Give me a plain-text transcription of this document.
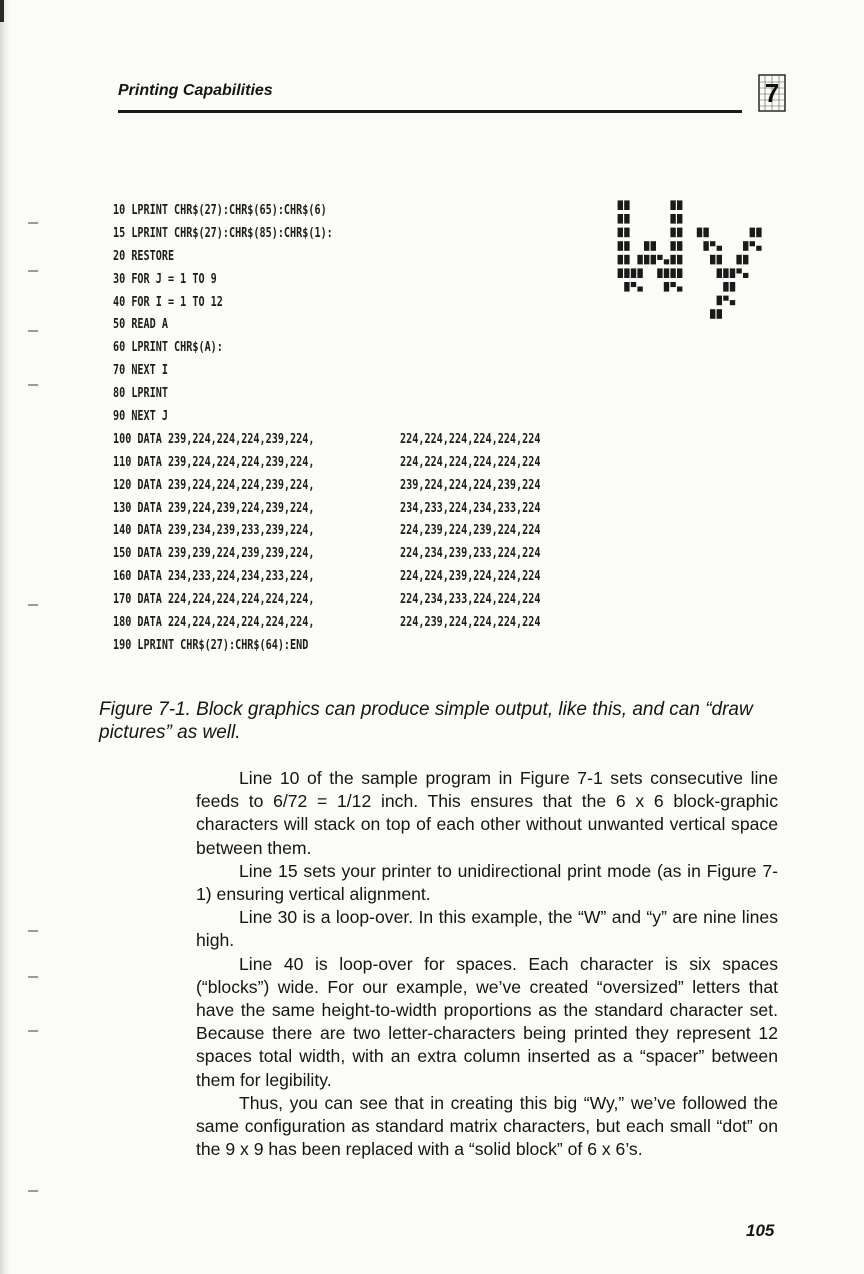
Printing Capabilities	7
10 LPRINT CHR$(27):CHR$(65):CHR$(6)
15 LPRINT CHR$(27):CHR$(85):CHR$(1):
20 RESTORE
30 FOR J = 1 TO 9
40 FOR I = 1 TO 12
50 READ A
60 LPRINT CHR$(A):
70 NEXT I
80 LPRINT
90 NEXT J
100 DATA 239,224,224,224,239,224,	224,224,224,224,224,224
110 DATA 239,224,224,224,239,224,	224,224,224,224,224,224
120 DATA 239,224,224,224,239,224,	239,224,224,224,239,224
130 DATA 239,224,239,224,239,224,	234,233,224,234,233,224
140 DATA 239,234,239,233,239,224,	224,239,224,239,224,224
150 DATA 239,239,224,239,239,224,	224,234,239,233,224,224
160 DATA 234,233,224,234,233,224,	224,224,239,224,224,224
170 DATA 224,224,224,224,224,224,	224,234,233,224,224,224
180 DATA 224,224,224,224,224,224,	224,239,224,224,224,224
190 LPRINT CHR$(27):CHR$(64):END
Figure 7-1. Block graphics can produce simple output, like this, and can “draw pictures” as well.

Line 10 of the sample program in Figure 7-1 sets consecutive line feeds to 6/72 = 1/12 inch. This ensures that the 6 x 6 block-graphic characters will stack on top of each other without unwanted vertical space between them.

Line 15 sets your printer to unidirectional print mode (as in Figure 7-1) ensuring vertical alignment.

Line 30 is a loop-over. In this example, the “W” and “y” are nine lines high.

Line 40 is loop-over for spaces. Each character is six spaces (“blocks”) wide. For our example, we’ve created “oversized” letters that have the same height-to-width proportions as the standard character set. Because there are two letter-characters being printed they represent 12 spaces total width, with an extra column inserted as a “spacer” between them for legibility.

Thus, you can see that in creating this big “Wy,” we’ve followed the same configuration as standard matrix characters, but each small “dot” on the 9 x 9 has been replaced with a “solid block” of 6 x 6’s.

105
